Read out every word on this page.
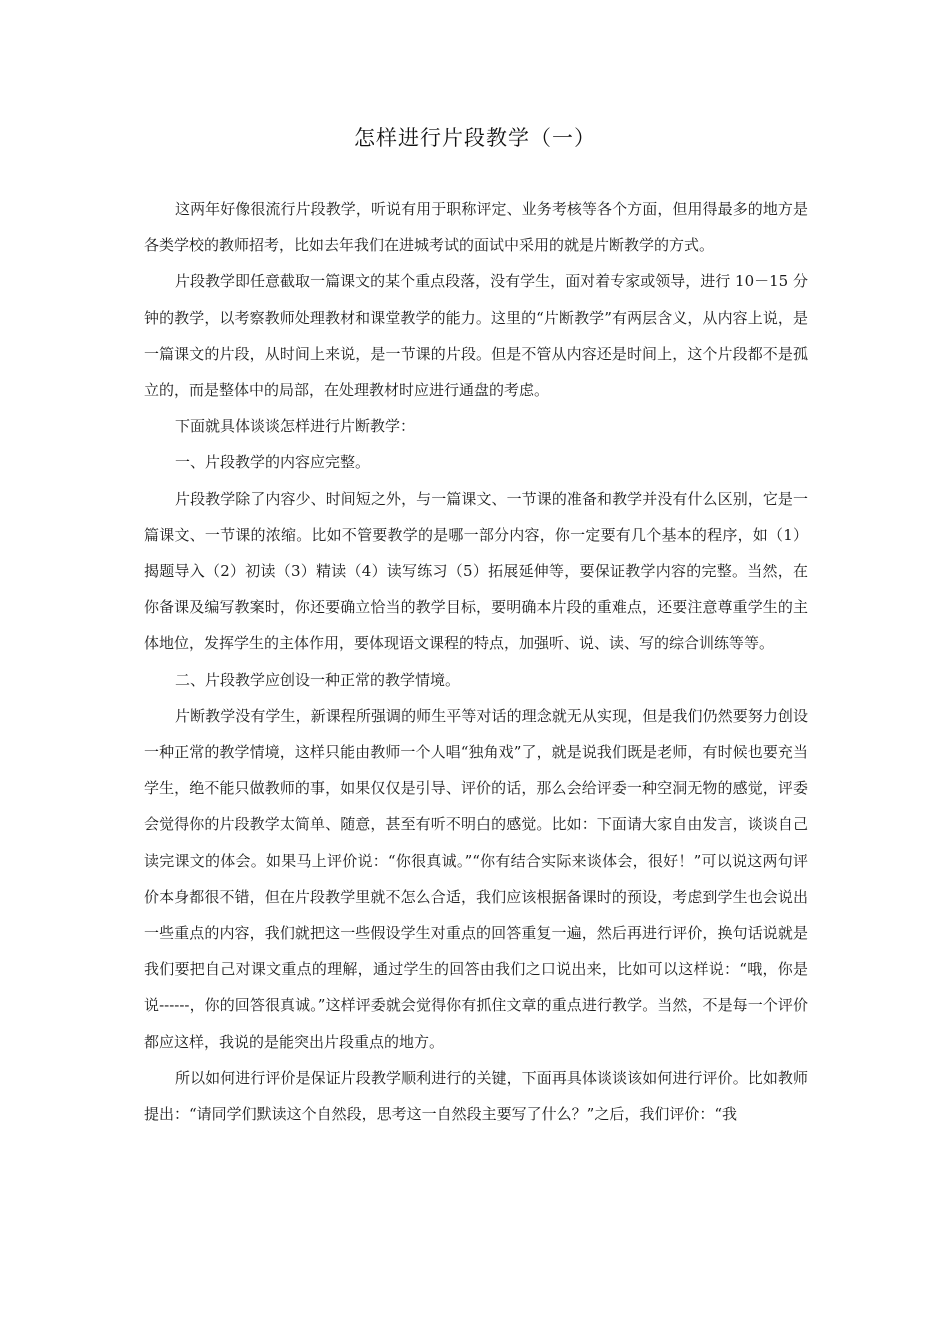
怎样进行片段教学（一）

这两年好像很流行片段教学，听说有用于职称评定、业务考核等各个方面，但用得最多的地方是各类学校的教师招考，比如去年我们在进城考试的面试中采用的就是片断教学的方式。

片段教学即任意截取一篇课文的某个重点段落，没有学生，面对着专家或领导，进行 10－15 分钟的教学，以考察教师处理教材和课堂教学的能力。这里的“片断教学”有两层含义，从内容上说，是一篇课文的片段，从时间上来说，是一节课的片段。但是不管从内容还是时间上，这个片段都不是孤立的，而是整体中的局部，在处理教材时应进行通盘的考虑。

下面就具体谈谈怎样进行片断教学：

一、片段教学的内容应完整。

片段教学除了内容少、时间短之外，与一篇课文、一节课的准备和教学并没有什么区别，它是一篇课文、一节课的浓缩。比如不管要教学的是哪一部分内容，你一定要有几个基本的程序，如（1）揭题导入（2）初读（3）精读（4）读写练习（5）拓展延伸等，要保证教学内容的完整。当然，在你备课及编写教案时，你还要确立恰当的教学目标，要明确本片段的重难点，还要注意尊重学生的主体地位，发挥学生的主体作用，要体现语文课程的特点，加强听、说、读、写的综合训练等等。

二、片段教学应创设一种正常的教学情境。

片断教学没有学生，新课程所强调的师生平等对话的理念就无从实现，但是我们仍然要努力创设一种正常的教学情境，这样只能由教师一个人唱“独角戏”了，就是说我们既是老师，有时候也要充当学生，绝不能只做教师的事，如果仅仅是引导、评价的话，那么会给评委一种空洞无物的感觉，评委会觉得你的片段教学太简单、随意，甚至有听不明白的感觉。比如：下面请大家自由发言，谈谈自己读完课文的体会。如果马上评价说：“你很真诚。”“你有结合实际来谈体会，很好！”可以说这两句评价本身都很不错，但在片段教学里就不怎么合适，我们应该根据备课时的预设，考虑到学生也会说出一些重点的内容，我们就把这一些假设学生对重点的回答重复一遍，然后再进行评价，换句话说就是我们要把自己对课文重点的理解，通过学生的回答由我们之口说出来，比如可以这样说：“哦，你是说------，你的回答很真诚。”这样评委就会觉得你有抓住文章的重点进行教学。当然，不是每一个评价都应这样，我说的是能突出片段重点的地方。

所以如何进行评价是保证片段教学顺利进行的关键，下面再具体谈谈该如何进行评价。比如教师提出：“请同学们默读这个自然段，思考这一自然段主要写了什么？”之后，我们评价：“我
